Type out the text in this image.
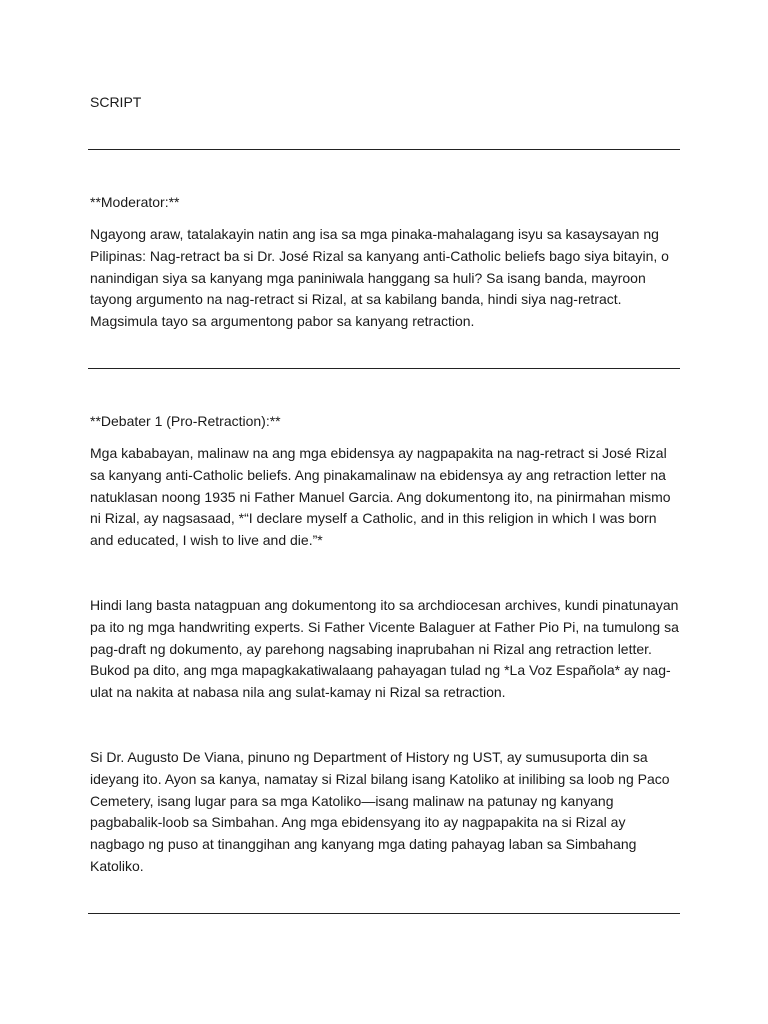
SCRIPT

**Moderator:**

Ngayong araw, tatalakayin natin ang isa sa mga pinaka-mahalagang isyu sa kasaysayan ng Pilipinas: Nag-retract ba si Dr. José Rizal sa kanyang anti-Catholic beliefs bago siya bitayin, o nanindigan siya sa kanyang mga paniniwala hanggang sa huli? Sa isang banda, mayroon tayong argumento na nag-retract si Rizal, at sa kabilang banda, hindi siya nag-retract. Magsimula tayo sa argumentong pabor sa kanyang retraction.

**Debater 1 (Pro-Retraction):**

Mga kababayan, malinaw na ang mga ebidensya ay nagpapakita na nag-retract si José Rizal sa kanyang anti-Catholic beliefs. Ang pinakamalinaw na ebidensya ay ang retraction letter na natuklasan noong 1935 ni Father Manuel Garcia. Ang dokumentong ito, na pinirmahan mismo ni Rizal, ay nagsasaad, *“I declare myself a Catholic, and in this religion in which I was born and educated, I wish to live and die.”*

Hindi lang basta natagpuan ang dokumentong ito sa archdiocesan archives, kundi pinatunayan pa ito ng mga handwriting experts. Si Father Vicente Balaguer at Father Pio Pi, na tumulong sa pag-draft ng dokumento, ay parehong nagsabing inaprubahan ni Rizal ang retraction letter. Bukod pa dito, ang mga mapagkakatiwalaang pahayagan tulad ng *La Voz Española* ay nag-ulat na nakita at nabasa nila ang sulat-kamay ni Rizal sa retraction.

Si Dr. Augusto De Viana, pinuno ng Department of History ng UST, ay sumusuporta din sa ideyang ito. Ayon sa kanya, namatay si Rizal bilang isang Katoliko at inilibing sa loob ng Paco Cemetery, isang lugar para sa mga Katoliko—isang malinaw na patunay ng kanyang pagbabalik-loob sa Simbahan. Ang mga ebidensyang ito ay nagpapakita na si Rizal ay nagbago ng puso at tinanggihan ang kanyang mga dating pahayag laban sa Simbahang Katoliko.
